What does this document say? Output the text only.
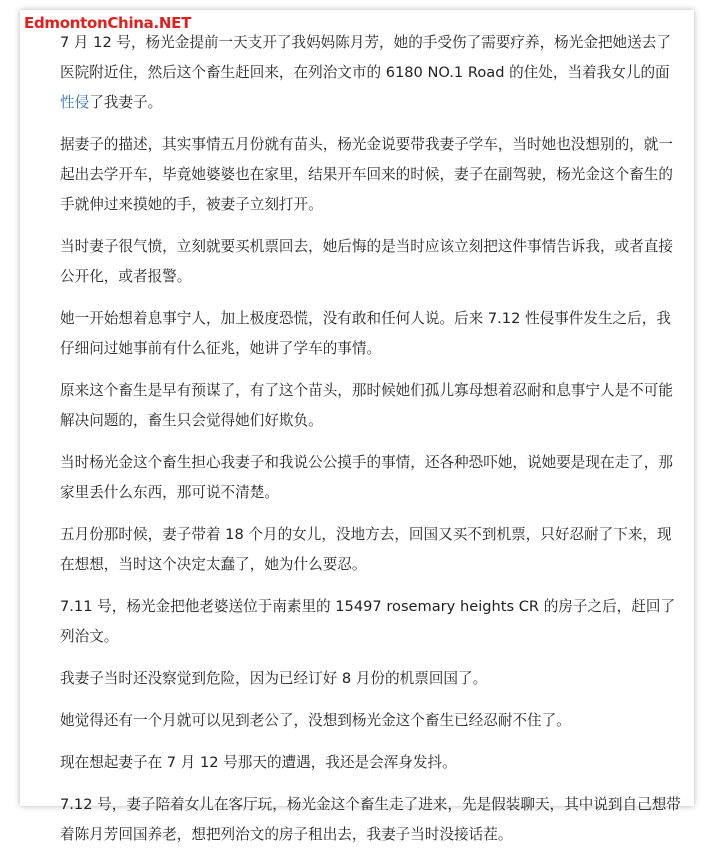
EdmontonChina.NET

7 月 12 号，杨光金提前一天支开了我妈妈陈月芳，她的手受伤了需要疗养，杨光金把她送去了医院附近住，然后这个畜生赶回来，在列治文市的 6180 NO.1 Road 的住处，当着我女儿的面性侵了我妻子。

据妻子的描述，其实事情五月份就有苗头，杨光金说要带我妻子学车，当时她也没想别的，就一起出去学开车，毕竟她婆婆也在家里，结果开车回来的时候，妻子在副驾驶，杨光金这个畜生的手就伸过来摸她的手，被妻子立刻打开。

当时妻子很气愤，立刻就要买机票回去，她后悔的是当时应该立刻把这件事情告诉我，或者直接公开化，或者报警。

她一开始想着息事宁人，加上极度恐慌，没有敢和任何人说。后来 7.12 性侵事件发生之后，我仔细问过她事前有什么征兆，她讲了学车的事情。

原来这个畜生是早有预谋了，有了这个苗头，那时候她们孤儿寡母想着忍耐和息事宁人是不可能解决问题的，畜生只会觉得她们好欺负。

当时杨光金这个畜生担心我妻子和我说公公摸手的事情，还各种恐吓她，说她要是现在走了，那家里丢什么东西，那可说不清楚。

五月份那时候，妻子带着 18 个月的女儿，没地方去，回国又买不到机票，只好忍耐了下来，现在想想，当时这个决定太蠢了，她为什么要忍。

7.11 号，杨光金把他老婆送位于南素里的 15497 rosemary heights CR 的房子之后，赶回了列治文。

我妻子当时还没察觉到危险，因为已经订好 8 月份的机票回国了。

她觉得还有一个月就可以见到老公了，没想到杨光金这个畜生已经忍耐不住了。

现在想起妻子在 7 月 12 号那天的遭遇，我还是会浑身发抖。

7.12 号，妻子陪着女儿在客厅玩，杨光金这个畜生走了进来，先是假装聊天，其中说到自己想带着陈月芳回国养老，想把列治文的房子租出去，我妻子当时没接话茬。
